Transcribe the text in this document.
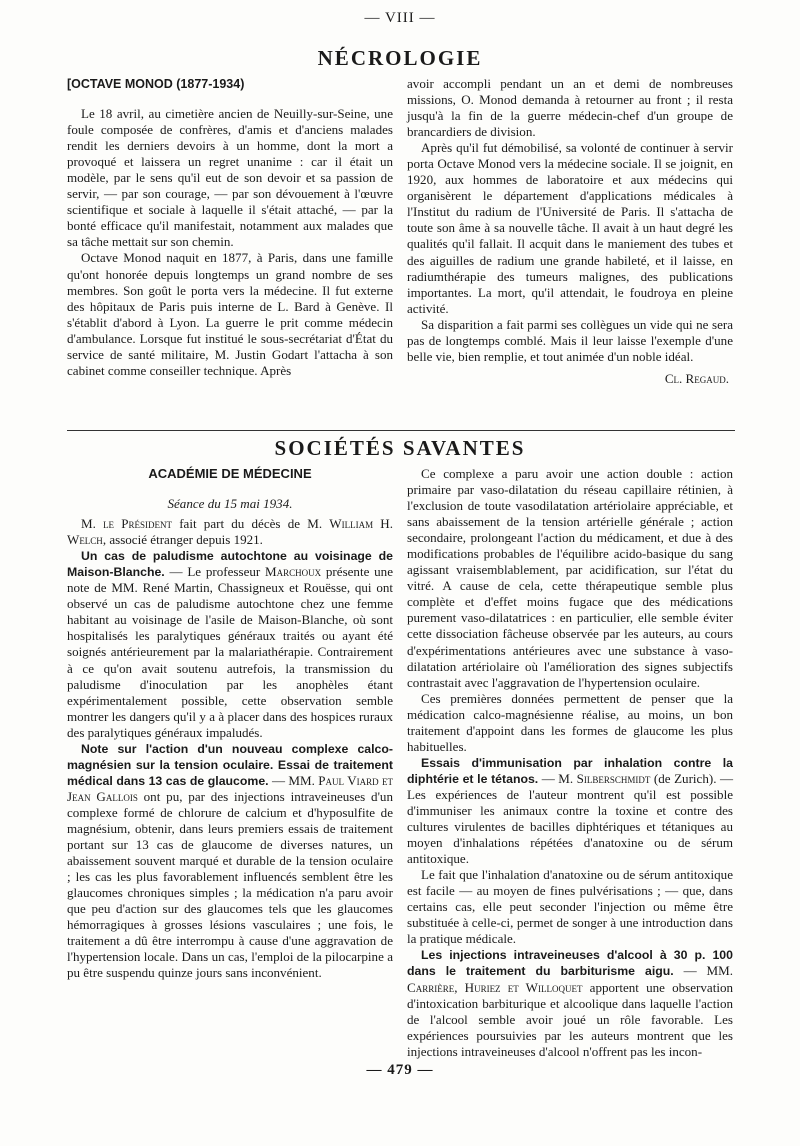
— VIII —
NÉCROLOGIE

[OCTAVE MONOD (1877-1934)

Le 18 avril, au cimetière ancien de Neuilly-sur-Seine, une foule composée de confrères, d'amis et d'anciens malades rendit les derniers devoirs à un homme, dont la mort a provoqué et laissera un regret unanime : car il était un modèle, par le sens qu'il eut de son devoir et sa passion de servir, — par son courage, — par son dévouement à l'œuvre scientifique et sociale à laquelle il s'était attaché, — par la bonté efficace qu'il manifestait, notamment aux malades que sa tâche mettait sur son chemin.

Octave Monod naquit en 1877, à Paris, dans une famille qu'ont honorée depuis longtemps un grand nombre de ses membres. Son goût le porta vers la médecine. Il fut externe des hôpitaux de Paris puis interne de L. Bard à Genève. Il s'établit d'abord à Lyon. La guerre le prit comme médecin d'ambulance. Lorsque fut institué le sous-secrétariat d'État du service de santé militaire, M. Justin Godart l'attacha à son cabinet comme conseiller technique. Après

avoir accompli pendant un an et demi de nombreuses missions, O. Monod demanda à retourner au front ; il resta jusqu'à la fin de la guerre médecin-chef d'un groupe de brancardiers de division.

Après qu'il fut démobilisé, sa volonté de continuer à servir porta Octave Monod vers la médecine sociale. Il se joignit, en 1920, aux hommes de laboratoire et aux médecins qui organisèrent le département d'applications médicales à l'Institut du radium de l'Université de Paris. Il s'attacha de toute son âme à sa nouvelle tâche. Il avait à un haut degré les qualités qu'il fallait. Il acquit dans le maniement des tubes et des aiguilles de radium une grande habileté, et il laisse, en radiumthérapie des tumeurs malignes, des publications importantes. La mort, qu'il attendait, le foudroya en pleine activité.

Sa disparition a fait parmi ses collègues un vide qui ne sera pas de longtemps comblé. Mais il leur laisse l'exemple d'une belle vie, bien remplie, et tout animée d'un noble idéal.

Cl. Regaud.

SOCIÉTÉS SAVANTES

ACADÉMIE DE MÉDECINE

Séance du 15 mai 1934.

M. le Président fait part du décès de M. William H. Welch, associé étranger depuis 1921.

Un cas de paludisme autochtone au voisinage de Maison-Blanche. — Le professeur Marchoux présente une note de MM. René Martin, Chassigneux et Rouësse, qui ont observé un cas de paludisme autochtone chez une femme habitant au voisinage de l'asile de Maison-Blanche, où sont hospitalisés les paralytiques généraux traités ou ayant été soignés antérieurement par la malariathérapie. Contrairement à ce qu'on avait soutenu autrefois, la transmission du paludisme d'inoculation par les anophèles étant expérimentalement possible, cette observation semble montrer les dangers qu'il y a à placer dans des hospices ruraux des paralytiques généraux impaludés.

Note sur l'action d'un nouveau complexe calco-magnésien sur la tension oculaire. Essai de traitement médical dans 13 cas de glaucome. — MM. Paul Viard et Jean Gallois ont pu, par des injections intraveineuses d'un complexe formé de chlorure de calcium et d'hyposulfite de magnésium, obtenir, dans leurs premiers essais de traitement portant sur 13 cas de glaucome de diverses natures, un abaissement souvent marqué et durable de la tension oculaire ; les cas les plus favorablement influencés semblent être les glaucomes chroniques simples ; la médication n'a paru avoir que peu d'action sur des glaucomes tels que les glaucomes hémorragiques à grosses lésions vasculaires ; une fois, le traitement a dû être interrompu à cause d'une aggravation de l'hypertension locale. Dans un cas, l'emploi de la pilocarpine a pu être suspendu quinze jours sans inconvénient.

Ce complexe a paru avoir une action double : action primaire par vaso-dilatation du réseau capillaire rétinien, à l'exclusion de toute vasodilatation artériolaire appréciable, et sans abaissement de la tension artérielle générale ; action secondaire, prolongeant l'action du médicament, et due à des modifications probables de l'équilibre acido-basique du sang agissant vraisemblablement, par acidification, sur l'état du vitré. A cause de cela, cette thérapeutique semble plus complète et d'effet moins fugace que des médications purement vaso-dilatatrices : en particulier, elle semble éviter cette dissociation fâcheuse observée par les auteurs, au cours d'expérimentations antérieures avec une substance à vaso-dilatation artériolaire où l'amélioration des signes subjectifs contrastait avec l'aggravation de l'hypertension oculaire.

Ces premières données permettent de penser que la médication calco-magnésienne réalise, au moins, un bon traitement d'appoint dans les formes de glaucome les plus habituelles.

Essais d'immunisation par inhalation contre la diphtérie et le tétanos. — M. Silberschmidt (de Zurich). — Les expériences de l'auteur montrent qu'il est possible d'immuniser les animaux contre la toxine et contre des cultures virulentes de bacilles diphtériques et tétaniques au moyen d'inhalations répétées d'anatoxine ou de sérum antitoxique.

Le fait que l'inhalation d'anatoxine ou de sérum antitoxique est facile — au moyen de fines pulvérisations ; — que, dans certains cas, elle peut seconder l'injection ou même être substituée à celle-ci, permet de songer à une introduction dans la pratique médicale.

Les injections intraveineuses d'alcool à 30 p. 100 dans le traitement du barbiturisme aigu. — MM. Carrière, Huriez et Willoquet apportent une observation d'intoxication barbiturique et alcoolique dans laquelle l'action de l'alcool semble avoir joué un rôle favorable. Les expériences poursuivies par les auteurs montrent que les injections intraveineuses d'alcool n'offrent pas les incon-

— 479 —
